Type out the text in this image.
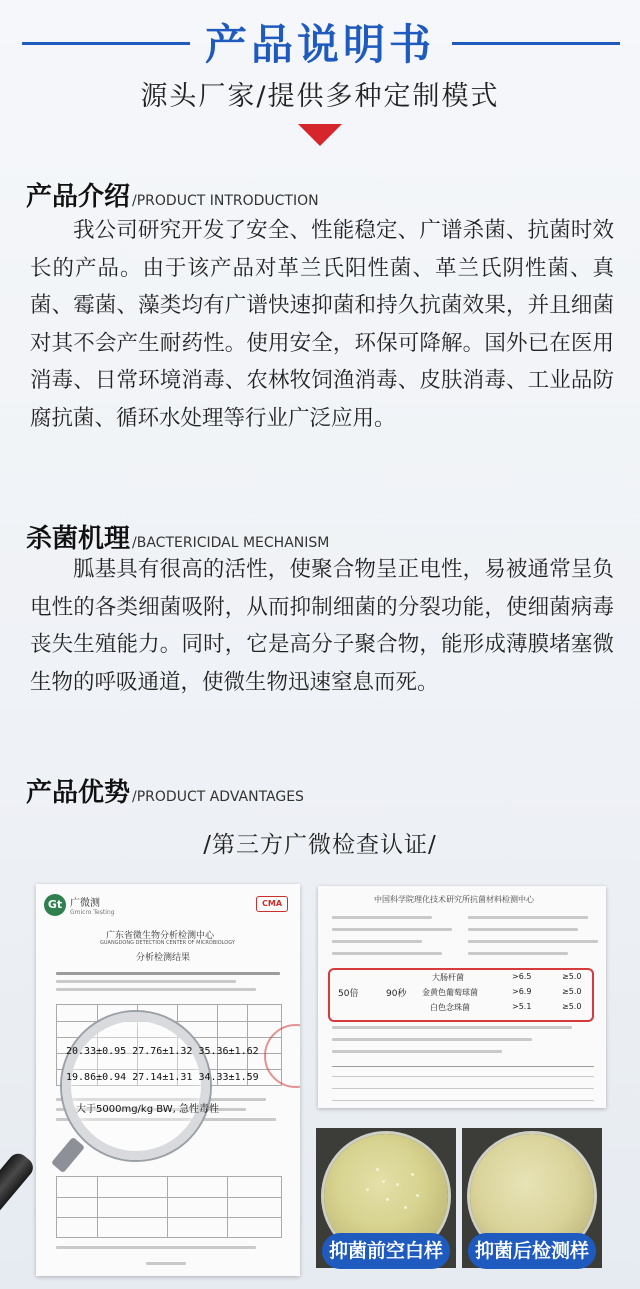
产品说明书
源头厂家/提供多种定制模式
产品介绍 /PRODUCT INTRODUCTION
我公司研究开发了安全、性能稳定、广谱杀菌、抗菌时效长的产品。由于该产品对革兰氏阳性菌、革兰氏阴性菌、真菌、霉菌、藻类均有广谱快速抑菌和持久抗菌效果，并且细菌对其不会产生耐药性。使用安全，环保可降解。国外已在医用消毒、日常环境消毒、农林牧饲渔消毒、皮肤消毒、工业品防腐抗菌、循环水处理等行业广泛应用。
杀菌机理 /BACTERICIDAL MECHANISM
胍基具有很高的活性，使聚合物呈正电性，易被通常呈负电性的各类细菌吸附，从而抑制细菌的分裂功能，使细菌病毒丧失生殖能力。同时，它是高分子聚合物，能形成薄膜堵塞微生物的呼吸通道，使微生物迅速窒息而死。
产品优势 /PRODUCT ADVANTAGES
/第三方广微检查认证/
Gt 广微测
Gmicro Testing
CMA
广东省微生物分析检测中心
GUANGDONG DETECTION CENTER OF MICROBIOLOGY
分析检测结果
20.33±0.95 27.76±1.32 35.36±1.62
19.86±0.94 27.14±1.31 34.33±1.59
大于5000mg/kg BW, 急性毒性
中国科学院理化技术研究所抗菌材料检测中心
50倍	90秒
大肠杆菌	>6.5	≥5.0
金黄色葡萄球菌	>6.9	≥5.0
白色念珠菌	>5.1	≥5.0
抑菌前空白样	抑菌后检测样
